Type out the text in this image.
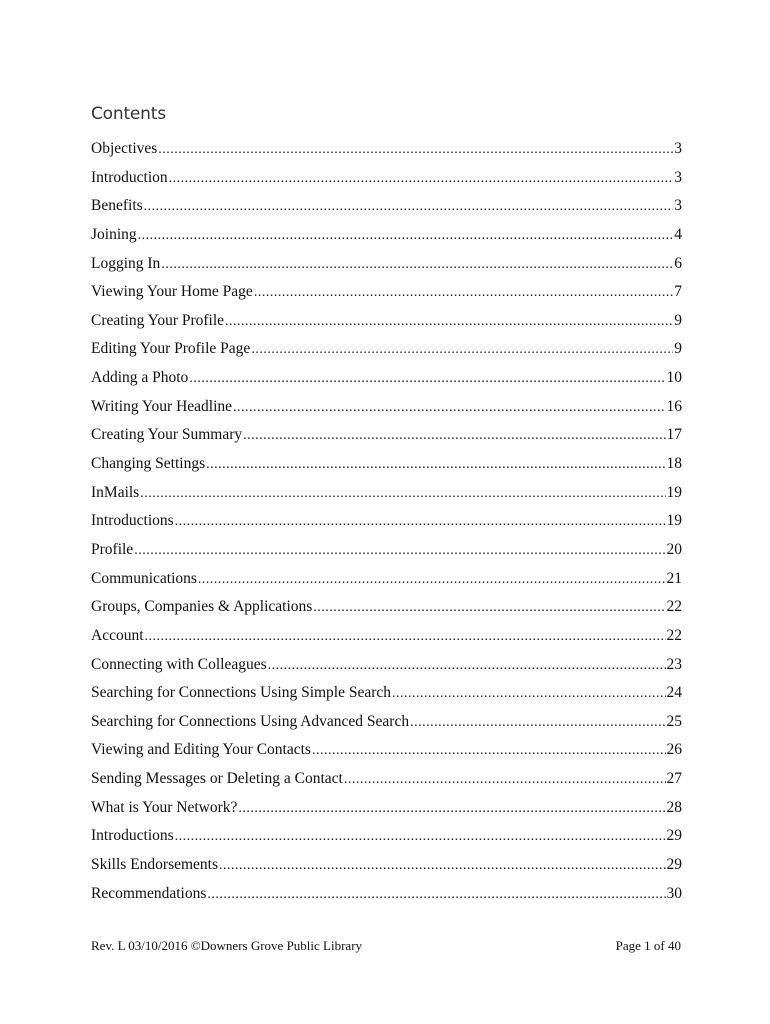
Contents
Objectives .....	3
Introduction .....	3
Benefits .....	3
Joining .....	4
Logging In .....	6
Viewing Your Home Page .....	7
Creating Your Profile .....	9
Editing Your Profile Page .....	9
Adding a Photo .....	10
Writing Your Headline .....	16
Creating Your Summary .....	17
Changing Settings .....	18
InMails .....	19
Introductions .....	19
Profile .....	20
Communications .....	21
Groups, Companies & Applications .....	22
Account .....	22
Connecting with Colleagues .....	23
Searching for Connections Using Simple Search .....	24
Searching for Connections Using Advanced Search .....	25
Viewing and Editing Your Contacts .....	26
Sending Messages or Deleting a Contact .....	27
What is Your Network? .....	28
Introductions .....	29
Skills Endorsements .....	29
Recommendations .....	30
Rev. L 03/10/2016 ©Downers Grove Public Library	Page 1 of 40
